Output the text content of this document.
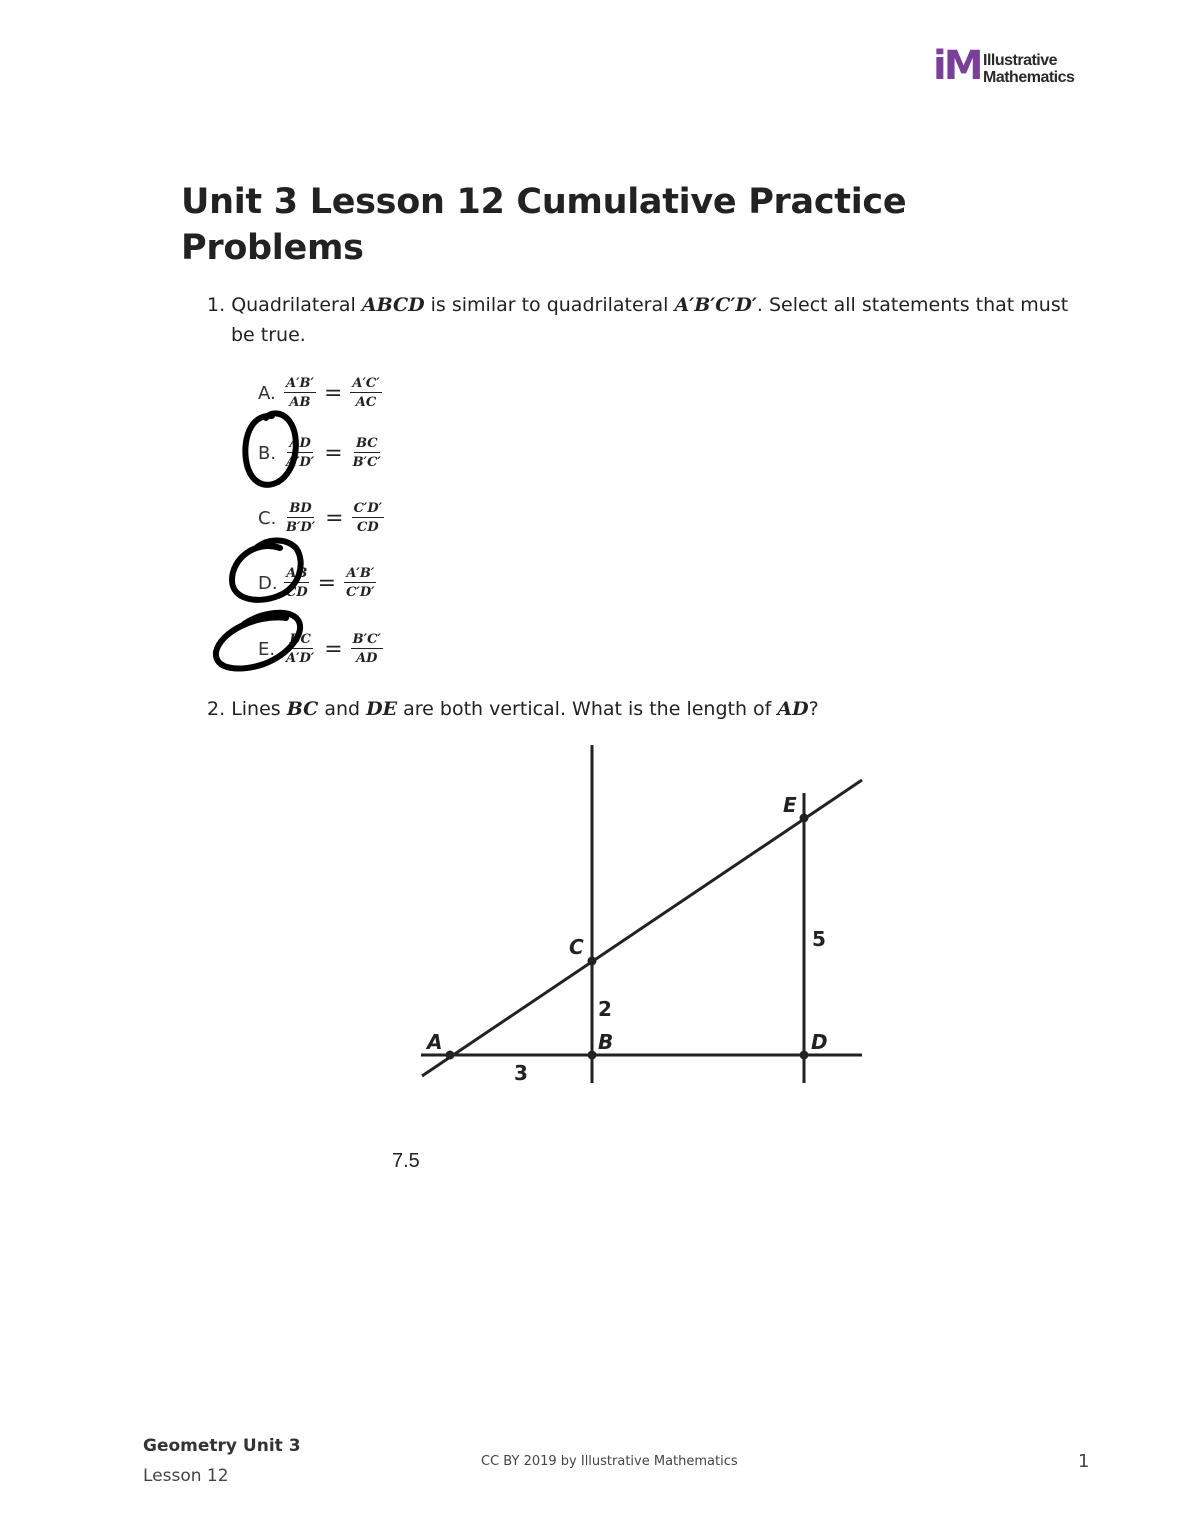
iM Illustrative
Mathematics
Unit 3 Lesson 12 Cumulative Practice Problems
1. Quadrilateral ABCD is similar to quadrilateral A′B′C′D′. Select all statements that must be true.
A. $\frac{A'B'}{AB} = \frac{A'C'}{AC}$
B. $\frac{AD}{A'D'} = \frac{BC}{B'C'}$
C. $\frac{BD}{B'D'} = \frac{C'D'}{CD}$
D. $\frac{AB}{CD} = \frac{A'B'}{C'D'}$
E. $\frac{BC}{A'D'} = \frac{B'C'}{AD}$
2. Lines BC and DE are both vertical. What is the length of AD?
A	B
C
D
E
3
2
5
7.5
Geometry Unit 3
Lesson 12
CC BY 2019 by Illustrative Mathematics	1
